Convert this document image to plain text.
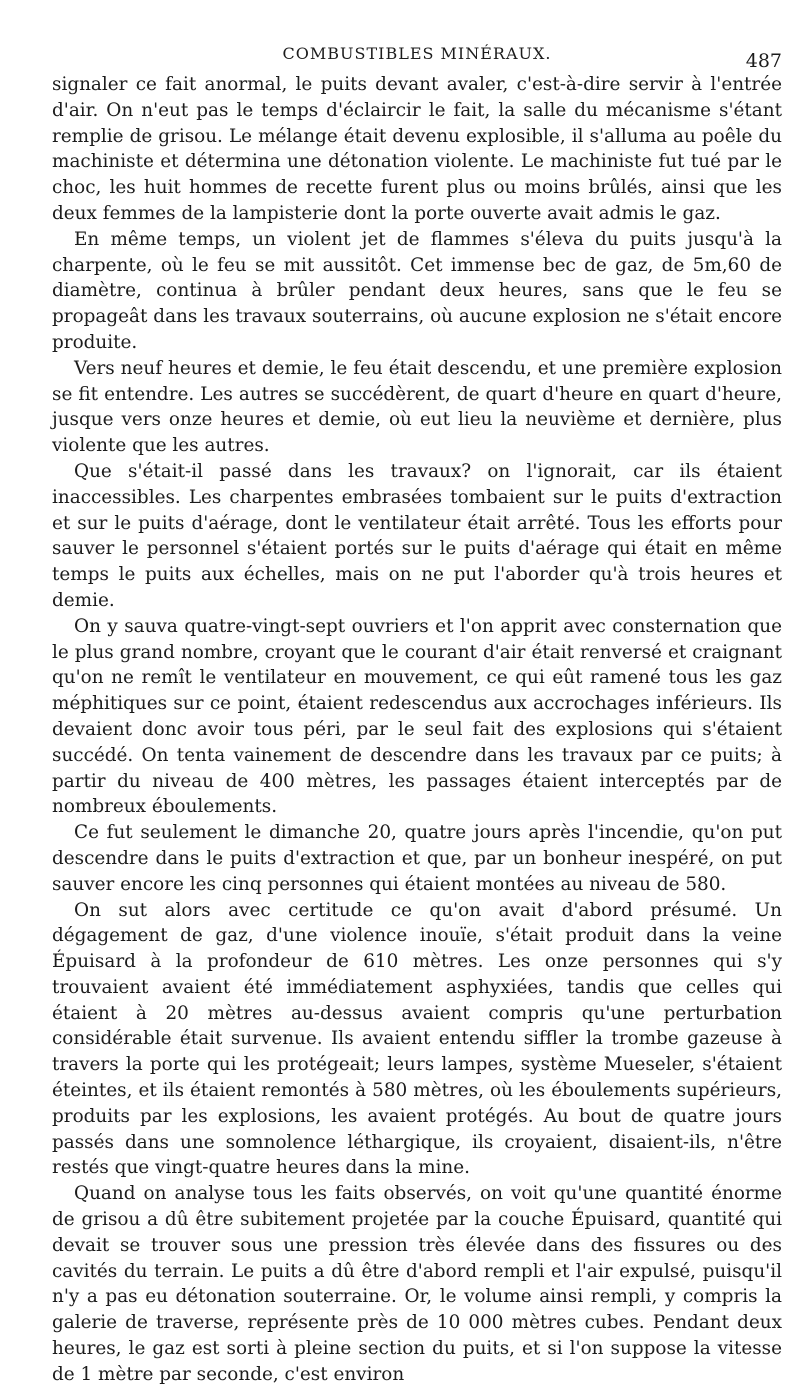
COMBUSTIBLES MINÉRAUX.	487

signaler ce fait anormal, le puits devant avaler, c'est-à-dire servir à l'entrée d'air. On n'eut pas le temps d'éclaircir le fait, la salle du mécanisme s'étant remplie de grisou. Le mélange était devenu explosible, il s'alluma au poêle du machiniste et détermina une détonation violente. Le machiniste fut tué par le choc, les huit hommes de recette furent plus ou moins brûlés, ainsi que les deux femmes de la lampisterie dont la porte ouverte avait admis le gaz.

En même temps, un violent jet de flammes s'éleva du puits jusqu'à la charpente, où le feu se mit aussitôt. Cet immense bec de gaz, de 5m,60 de diamètre, continua à brûler pendant deux heures, sans que le feu se propageât dans les travaux souterrains, où aucune explosion ne s'était encore produite.

Vers neuf heures et demie, le feu était descendu, et une première explosion se fit entendre. Les autres se succédèrent, de quart d'heure en quart d'heure, jusque vers onze heures et demie, où eut lieu la neuvième et dernière, plus violente que les autres.

Que s'était-il passé dans les travaux? on l'ignorait, car ils étaient inaccessibles. Les charpentes embrasées tombaient sur le puits d'extraction et sur le puits d'aérage, dont le ventilateur était arrêté. Tous les efforts pour sauver le personnel s'étaient portés sur le puits d'aérage qui était en même temps le puits aux échelles, mais on ne put l'aborder qu'à trois heures et demie.

On y sauva quatre-vingt-sept ouvriers et l'on apprit avec consternation que le plus grand nombre, croyant que le courant d'air était renversé et craignant qu'on ne remît le ventilateur en mouvement, ce qui eût ramené tous les gaz méphitiques sur ce point, étaient redescendus aux accrochages inférieurs. Ils devaient donc avoir tous péri, par le seul fait des explosions qui s'étaient succédé. On tenta vainement de descendre dans les travaux par ce puits; à partir du niveau de 400 mètres, les passages étaient interceptés par de nombreux éboulements.

Ce fut seulement le dimanche 20, quatre jours après l'incendie, qu'on put descendre dans le puits d'extraction et que, par un bonheur inespéré, on put sauver encore les cinq personnes qui étaient montées au niveau de 580.

On sut alors avec certitude ce qu'on avait d'abord présumé. Un dégagement de gaz, d'une violence inouïe, s'était produit dans la veine Épuisard à la profondeur de 610 mètres. Les onze personnes qui s'y trouvaient avaient été immédiatement asphyxiées, tandis que celles qui étaient à 20 mètres au-dessus avaient compris qu'une perturbation considérable était survenue. Ils avaient entendu siffler la trombe gazeuse à travers la porte qui les protégeait; leurs lampes, système Mueseler, s'étaient éteintes, et ils étaient remontés à 580 mètres, où les éboulements supérieurs, produits par les explosions, les avaient protégés. Au bout de quatre jours passés dans une somnolence léthargique, ils croyaient, disaient-ils, n'être restés que vingt-quatre heures dans la mine.

Quand on analyse tous les faits observés, on voit qu'une quantité énorme de grisou a dû être subitement projetée par la couche Épuisard, quantité qui devait se trouver sous une pression très élevée dans des fissures ou des cavités du terrain. Le puits a dû être d'abord rempli et l'air expulsé, puisqu'il n'y a pas eu détonation souterraine. Or, le volume ainsi rempli, y compris la galerie de traverse, représente près de 10 000 mètres cubes. Pendant deux heures, le gaz est sorti à pleine section du puits, et si l'on suppose la vitesse de 1 mètre par seconde, c'est environ
